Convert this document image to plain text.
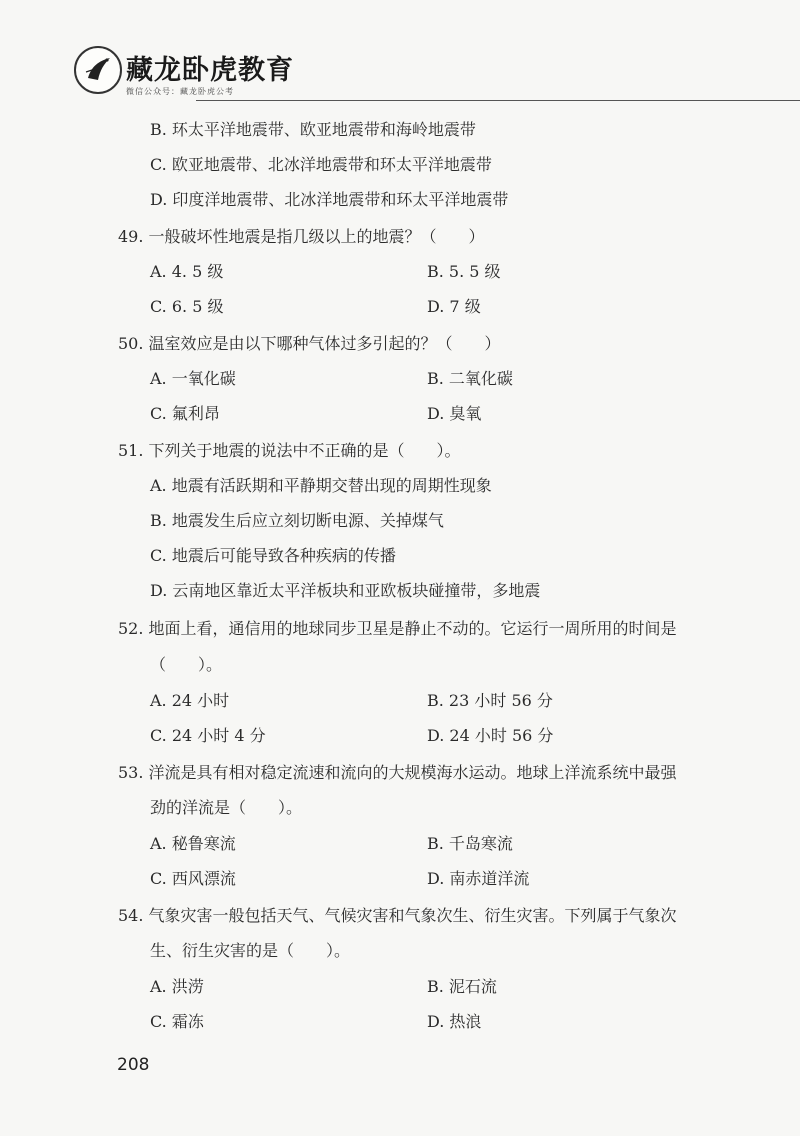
藏龙卧虎教育
微信公众号：藏龙卧虎公考
B. 环太平洋地震带、欧亚地震带和海岭地震带
C. 欧亚地震带、北冰洋地震带和环太平洋地震带
D. 印度洋地震带、北冰洋地震带和环太平洋地震带
49. 一般破坏性地震是指几级以上的地震？（　　）
A. 4. 5 级	B. 5. 5 级
C. 6. 5 级	D. 7 级
50. 温室效应是由以下哪种气体过多引起的？（　　）
A. 一氧化碳	B. 二氧化碳
C. 氟利昂	D. 臭氧
51. 下列关于地震的说法中不正确的是（　　）。
A. 地震有活跃期和平静期交替出现的周期性现象
B. 地震发生后应立刻切断电源、关掉煤气
C. 地震后可能导致各种疾病的传播
D. 云南地区靠近太平洋板块和亚欧板块碰撞带，多地震
52. 地面上看，通信用的地球同步卫星是静止不动的。它运行一周所用的时间是
（　　）。
A. 24 小时	B. 23 小时 56 分
C. 24 小时 4 分	D. 24 小时 56 分
53. 洋流是具有相对稳定流速和流向的大规模海水运动。地球上洋流系统中最强
劲的洋流是（　　）。
A. 秘鲁寒流	B. 千岛寒流
C. 西风漂流	D. 南赤道洋流
54. 气象灾害一般包括天气、气候灾害和气象次生、衍生灾害。下列属于气象次
生、衍生灾害的是（　　）。
A. 洪涝	B. 泥石流
C. 霜冻	D. 热浪
208
